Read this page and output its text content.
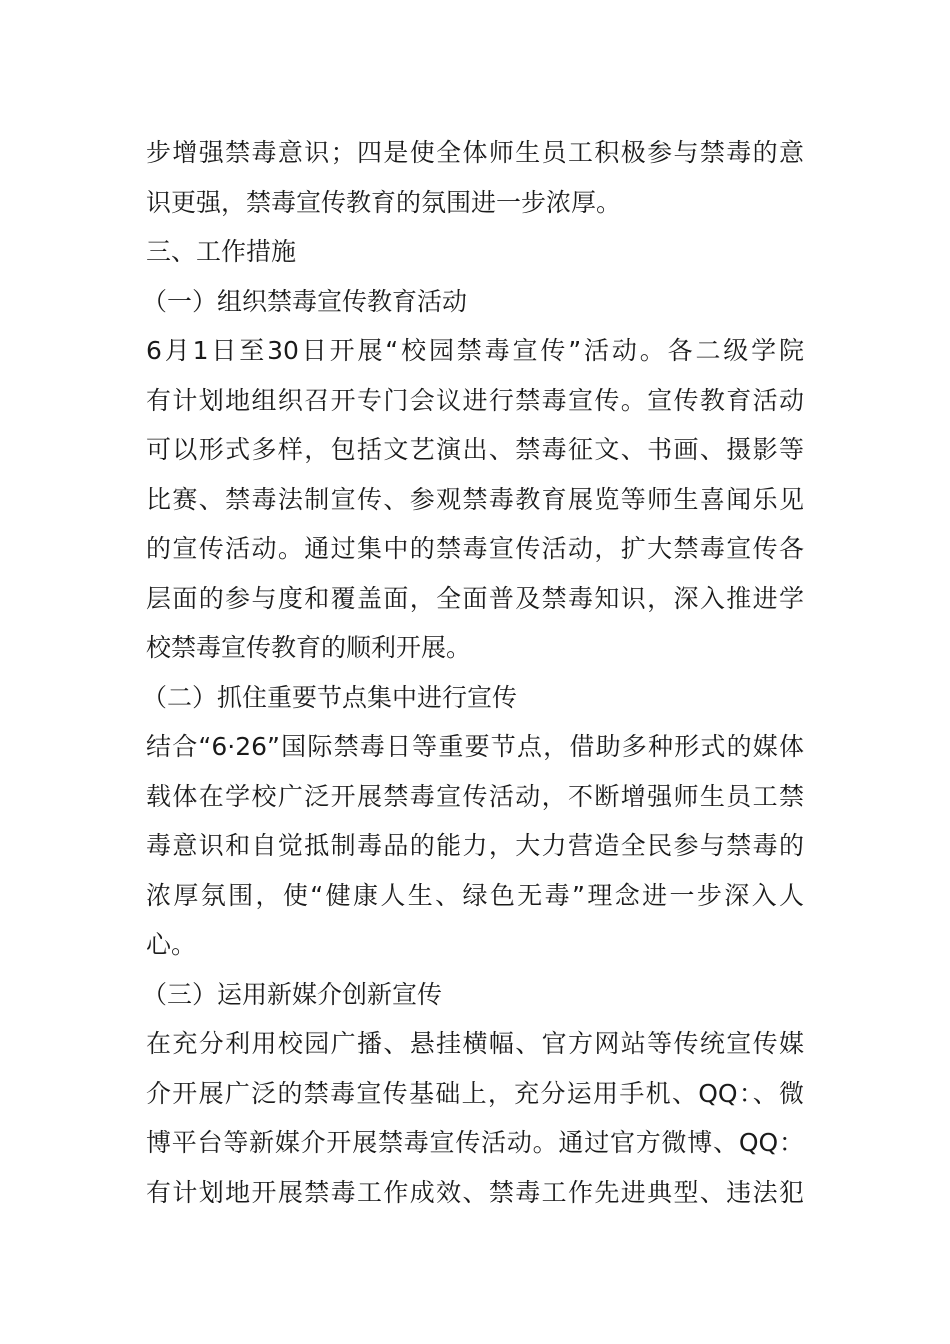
步增强禁毒意识；四是使全体师生员工积极参与禁毒的意

识更强，禁毒宣传教育的氛围进一步浓厚。

三、工作措施

（一）组织禁毒宣传教育活动

6月1日至30日开展“校园禁毒宣传”活动。各二级学院

有计划地组织召开专门会议进行禁毒宣传。宣传教育活动

可以形式多样，包括文艺演出、禁毒征文、书画、摄影等

比赛、禁毒法制宣传、参观禁毒教育展览等师生喜闻乐见

的宣传活动。通过集中的禁毒宣传活动，扩大禁毒宣传各

层面的参与度和覆盖面，全面普及禁毒知识，深入推进学

校禁毒宣传教育的顺利开展。

（二）抓住重要节点集中进行宣传

结合“6·26”国际禁毒日等重要节点，借助多种形式的媒体

载体在学校广泛开展禁毒宣传活动，不断增强师生员工禁

毒意识和自觉抵制毒品的能力，大力营造全民参与禁毒的

浓厚氛围，使“健康人生、绿色无毒”理念进一步深入人

心。

（三）运用新媒介创新宣传

在充分利用校园广播、悬挂横幅、官方网站等传统宣传媒

介开展广泛的禁毒宣传基础上，充分运用手机、QQ：、微

博平台等新媒介开展禁毒宣传活动。通过官方微博、QQ：

有计划地开展禁毒工作成效、禁毒工作先进典型、违法犯
